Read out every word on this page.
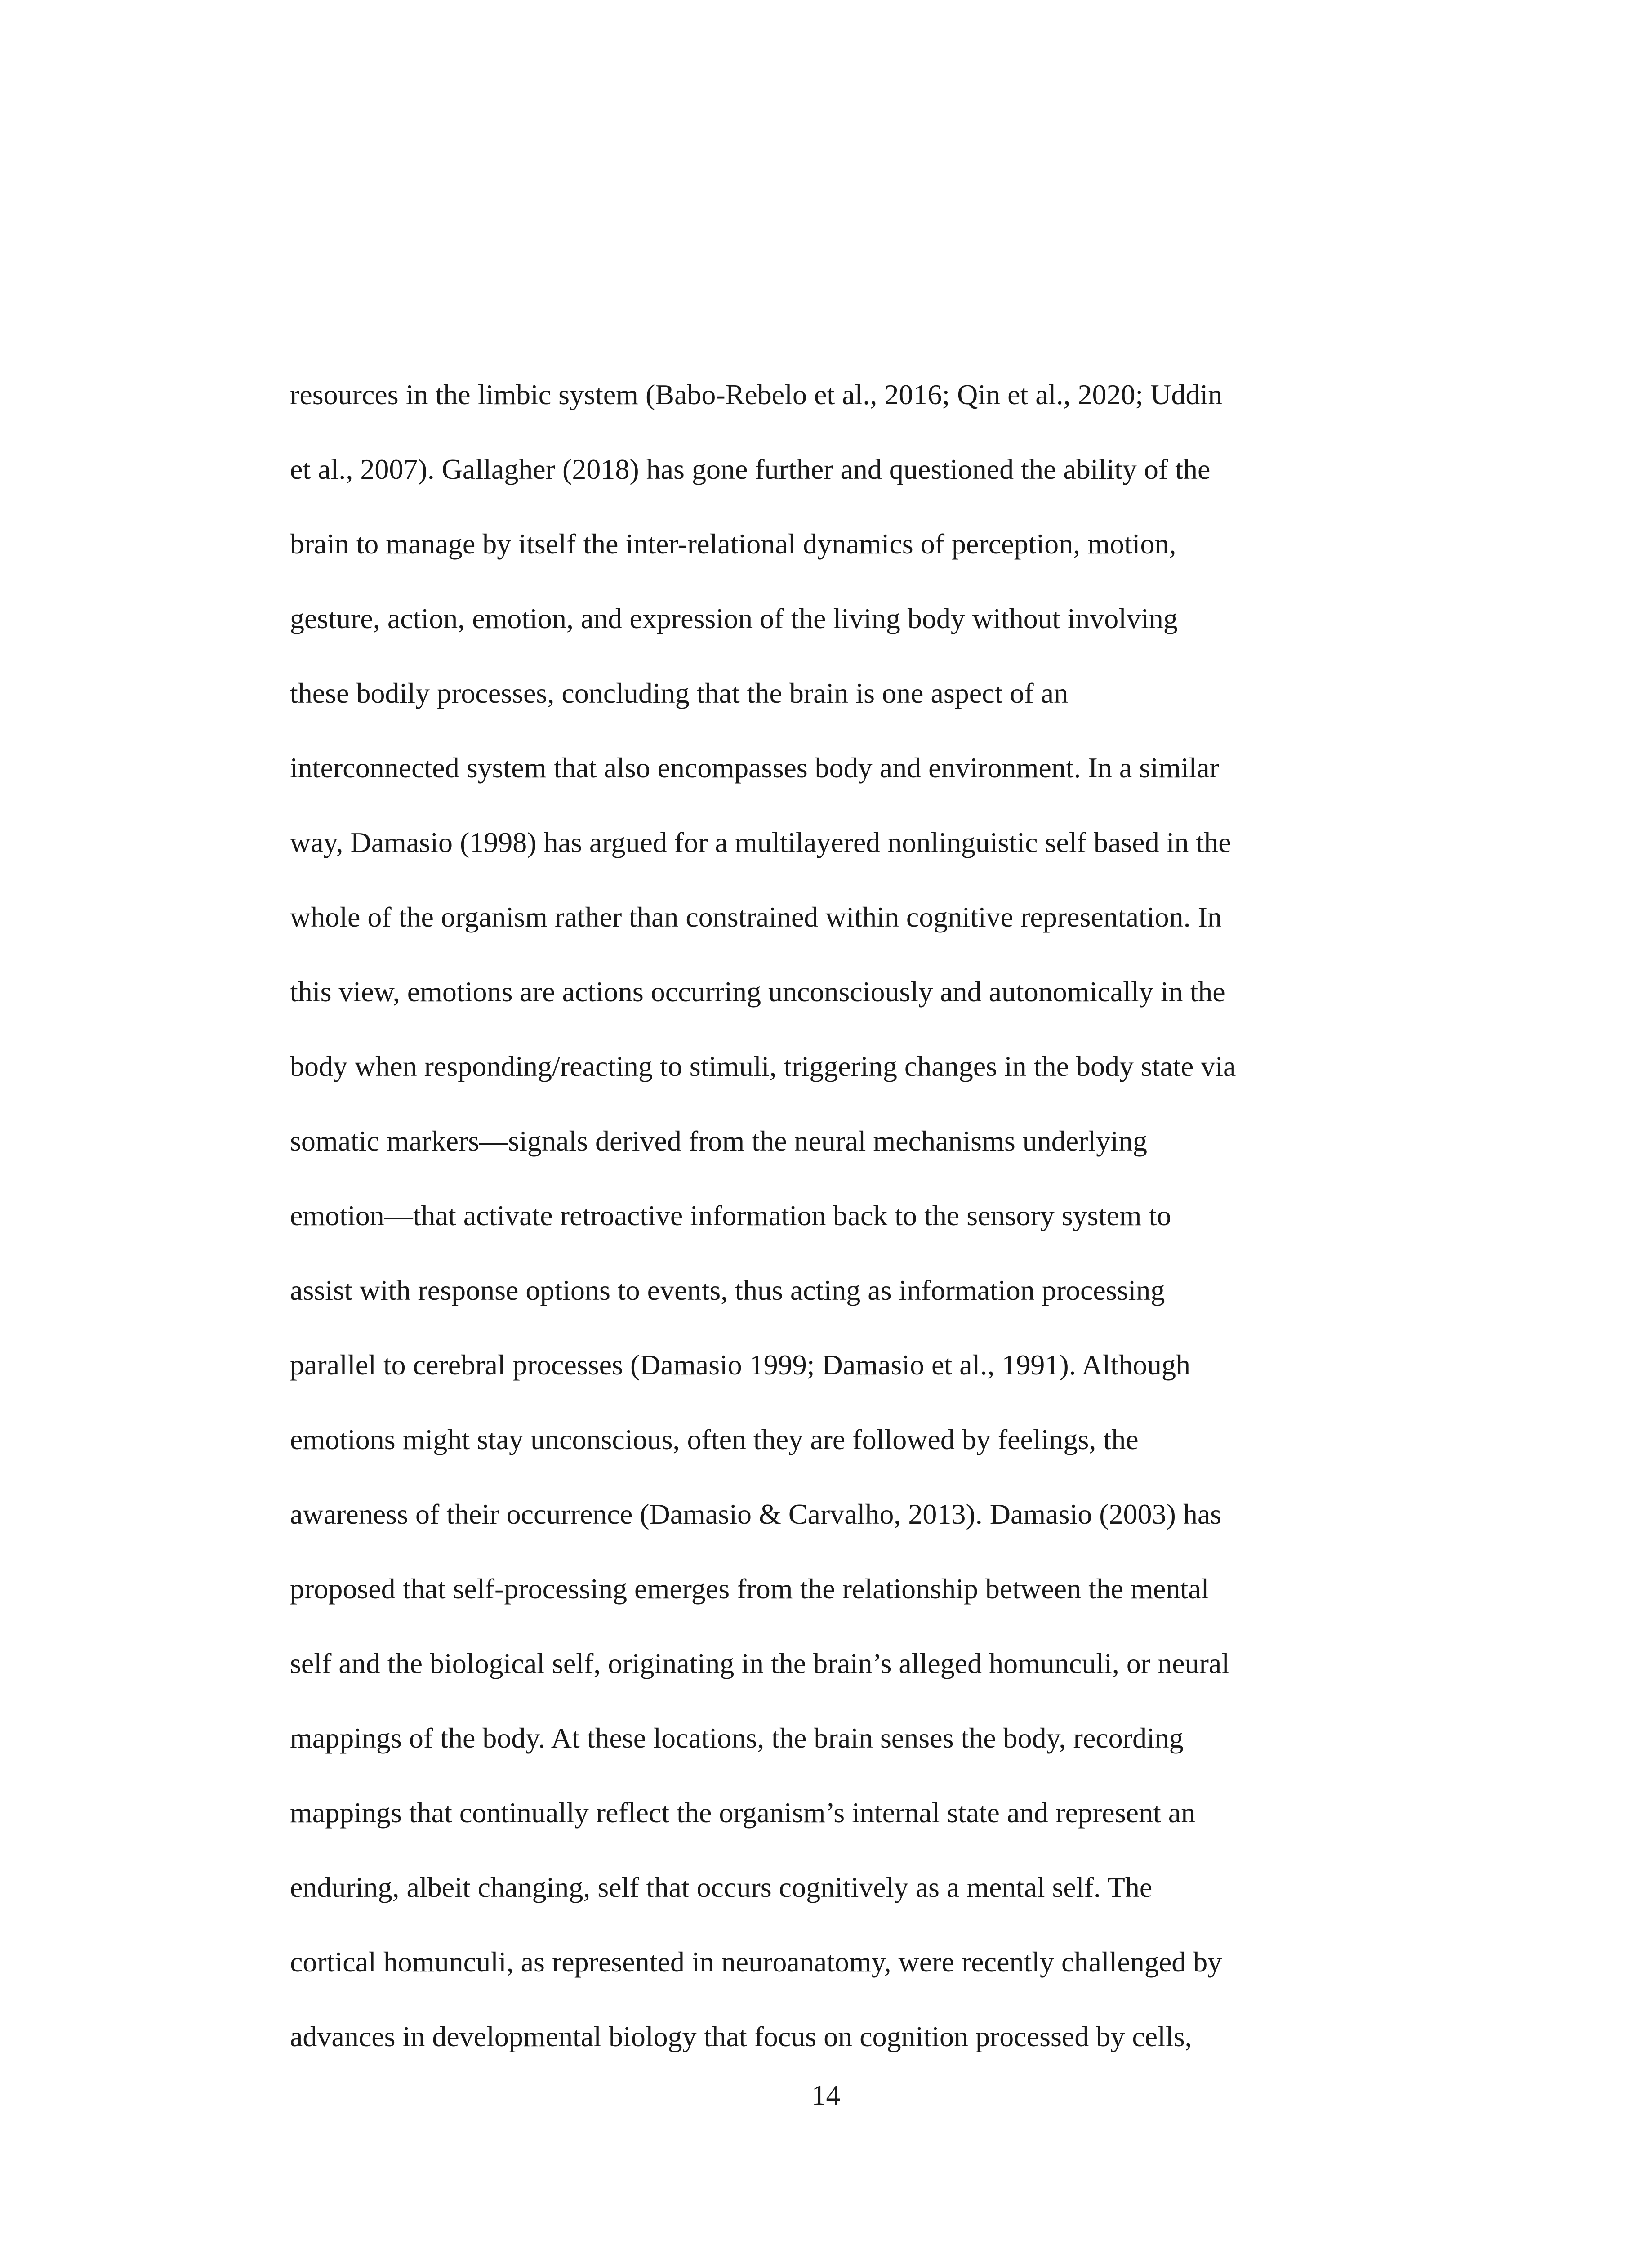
resources in the limbic system (Babo-Rebelo et al., 2016; Qin et al., 2020; Uddin
et al., 2007). Gallagher (2018) has gone further and questioned the ability of the
brain to manage by itself the inter-relational dynamics of perception, motion,
gesture, action, emotion, and expression of the living body without involving
these bodily processes, concluding that the brain is one aspect of an
interconnected system that also encompasses body and environment. In a similar
way, Damasio (1998) has argued for a multilayered nonlinguistic self based in the
whole of the organism rather than constrained within cognitive representation. In
this view, emotions are actions occurring unconsciously and autonomically in the
body when responding/reacting to stimuli, triggering changes in the body state via
somatic markers—signals derived from the neural mechanisms underlying
emotion—that activate retroactive information back to the sensory system to
assist with response options to events, thus acting as information processing
parallel to cerebral processes (Damasio 1999; Damasio et al., 1991). Although
emotions might stay unconscious, often they are followed by feelings, the
awareness of their occurrence (Damasio & Carvalho, 2013). Damasio (2003) has
proposed that self-processing emerges from the relationship between the mental
self and the biological self, originating in the brain’s alleged homunculi, or neural
mappings of the body. At these locations, the brain senses the body, recording
mappings that continually reflect the organism’s internal state and represent an
enduring, albeit changing, self that occurs cognitively as a mental self. The
cortical homunculi, as represented in neuroanatomy, were recently challenged by
advances in developmental biology that focus on cognition processed by cells,

14
